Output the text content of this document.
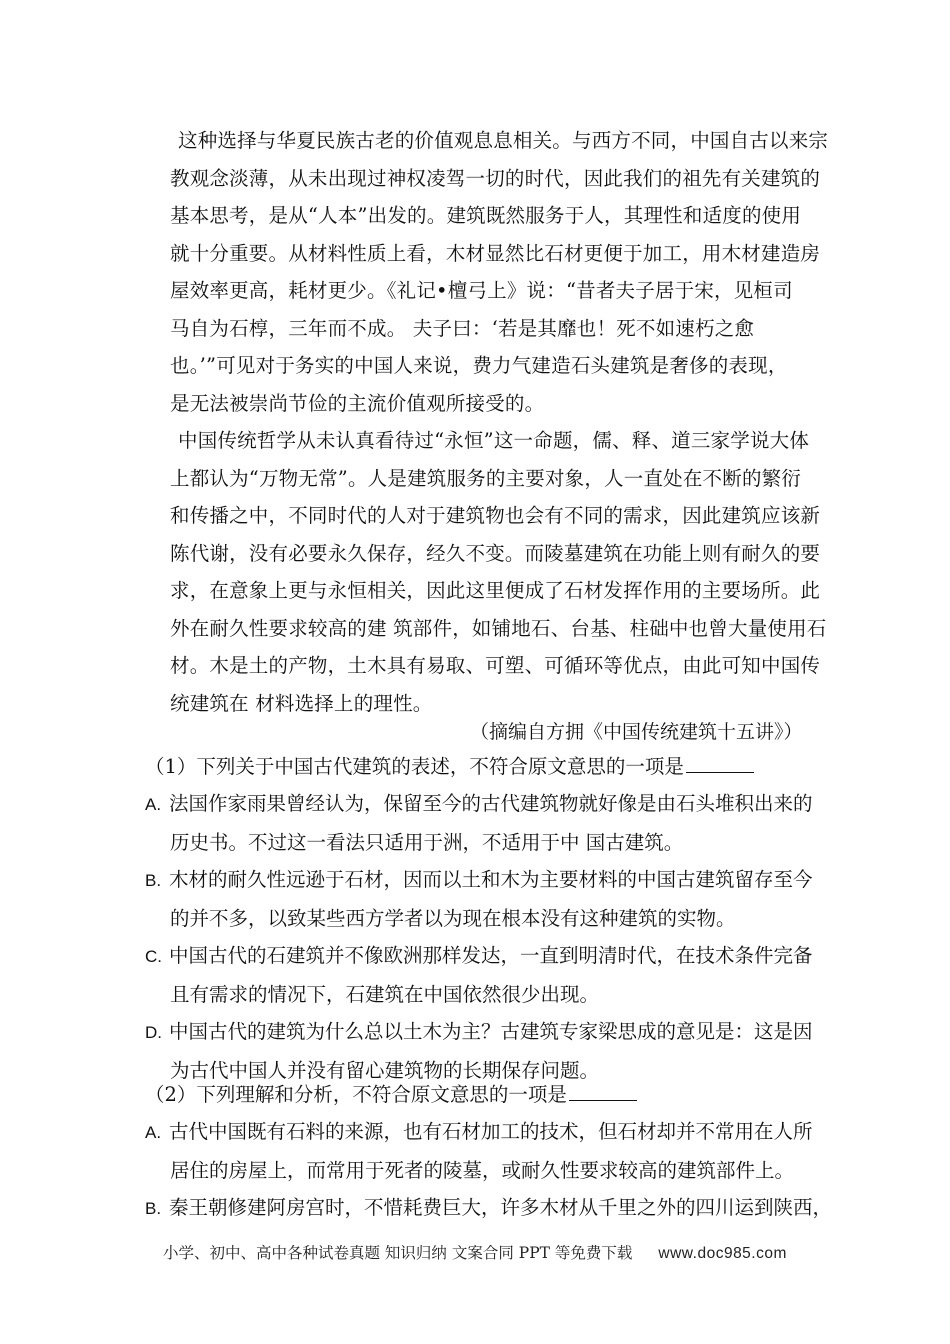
这种选择与华夏民族古老的价值观息息相关。与西方不同，中国自古以来宗
教观念淡薄，从未出现过神权凌驾一切的时代，因此我们的祖先有关建筑的
基本思考，是从“人本”出发的。建筑既然服务于人，其理性和适度的使用
就十分重要。从材料性质上看，木材显然比石材更便于加工，用木材建造房
屋效率更高，耗材更少。《礼记•檀弓上》说：“昔者夫子居于宋，见桓司
马自为石椁，三年而不成。 夫子曰：‘若是其靡也！死不如速朽之愈
也。’”可见对于务实的中国人来说，费力气建造石头建筑是奢侈的表现，
是无法被崇尚节俭的主流价值观所接受的。
中国传统哲学从未认真看待过“永恒”这一命题，儒、释、道三家学说大体
上都认为“万物无常”。人是建筑服务的主要对象，人一直处在不断的繁衍
和传播之中，不同时代的人对于建筑物也会有不同的需求，因此建筑应该新
陈代谢，没有必要永久保存，经久不变。而陵墓建筑在功能上则有耐久的要
求，在意象上更与永恒相关，因此这里便成了石材发挥作用的主要场所。此
外在耐久性要求较高的建 筑部件，如铺地石、台基、柱础中也曾大量使用石
材。木是土的产物，土木具有易取、可塑、可循环等优点，由此可知中国传
统建筑在 材料选择上的理性。
（摘编自方拥《中国传统建筑十五讲》）
（1）下列关于中国古代建筑的表述，不符合原文意思的一项是
A. 法国作家雨果曾经认为，保留至今的古代建筑物就好像是由石头堆积出来的
历史书。不过这一看法只适用于洲，不适用于中 国古建筑。
B. 木材的耐久性远逊于石材，因而以土和木为主要材料的中国古建筑留存至今
的并不多，以致某些西方学者以为现在根本没有这种建筑的实物。
C. 中国古代的石建筑并不像欧洲那样发达，一直到明清时代，在技术条件完备
且有需求的情况下，石建筑在中国依然很少出现。
D. 中国古代的建筑为什么总以土木为主？古建筑专家梁思成的意见是：这是因
为古代中国人并没有留心建筑物的长期保存问题。
（2）下列理解和分析，不符合原文意思的一项是
A. 古代中国既有石料的来源，也有石材加工的技术，但石材却并不常用在人所
居住的房屋上，而常用于死者的陵墓，或耐久性要求较高的建筑部件上。
B. 秦王朝修建阿房宫时，不惜耗费巨大，许多木材从千里之外的四川运到陕西，
小学、初中、高中各种试卷真题 知识归纳 文案合同 PPT 等免费下载 www.doc985.com
